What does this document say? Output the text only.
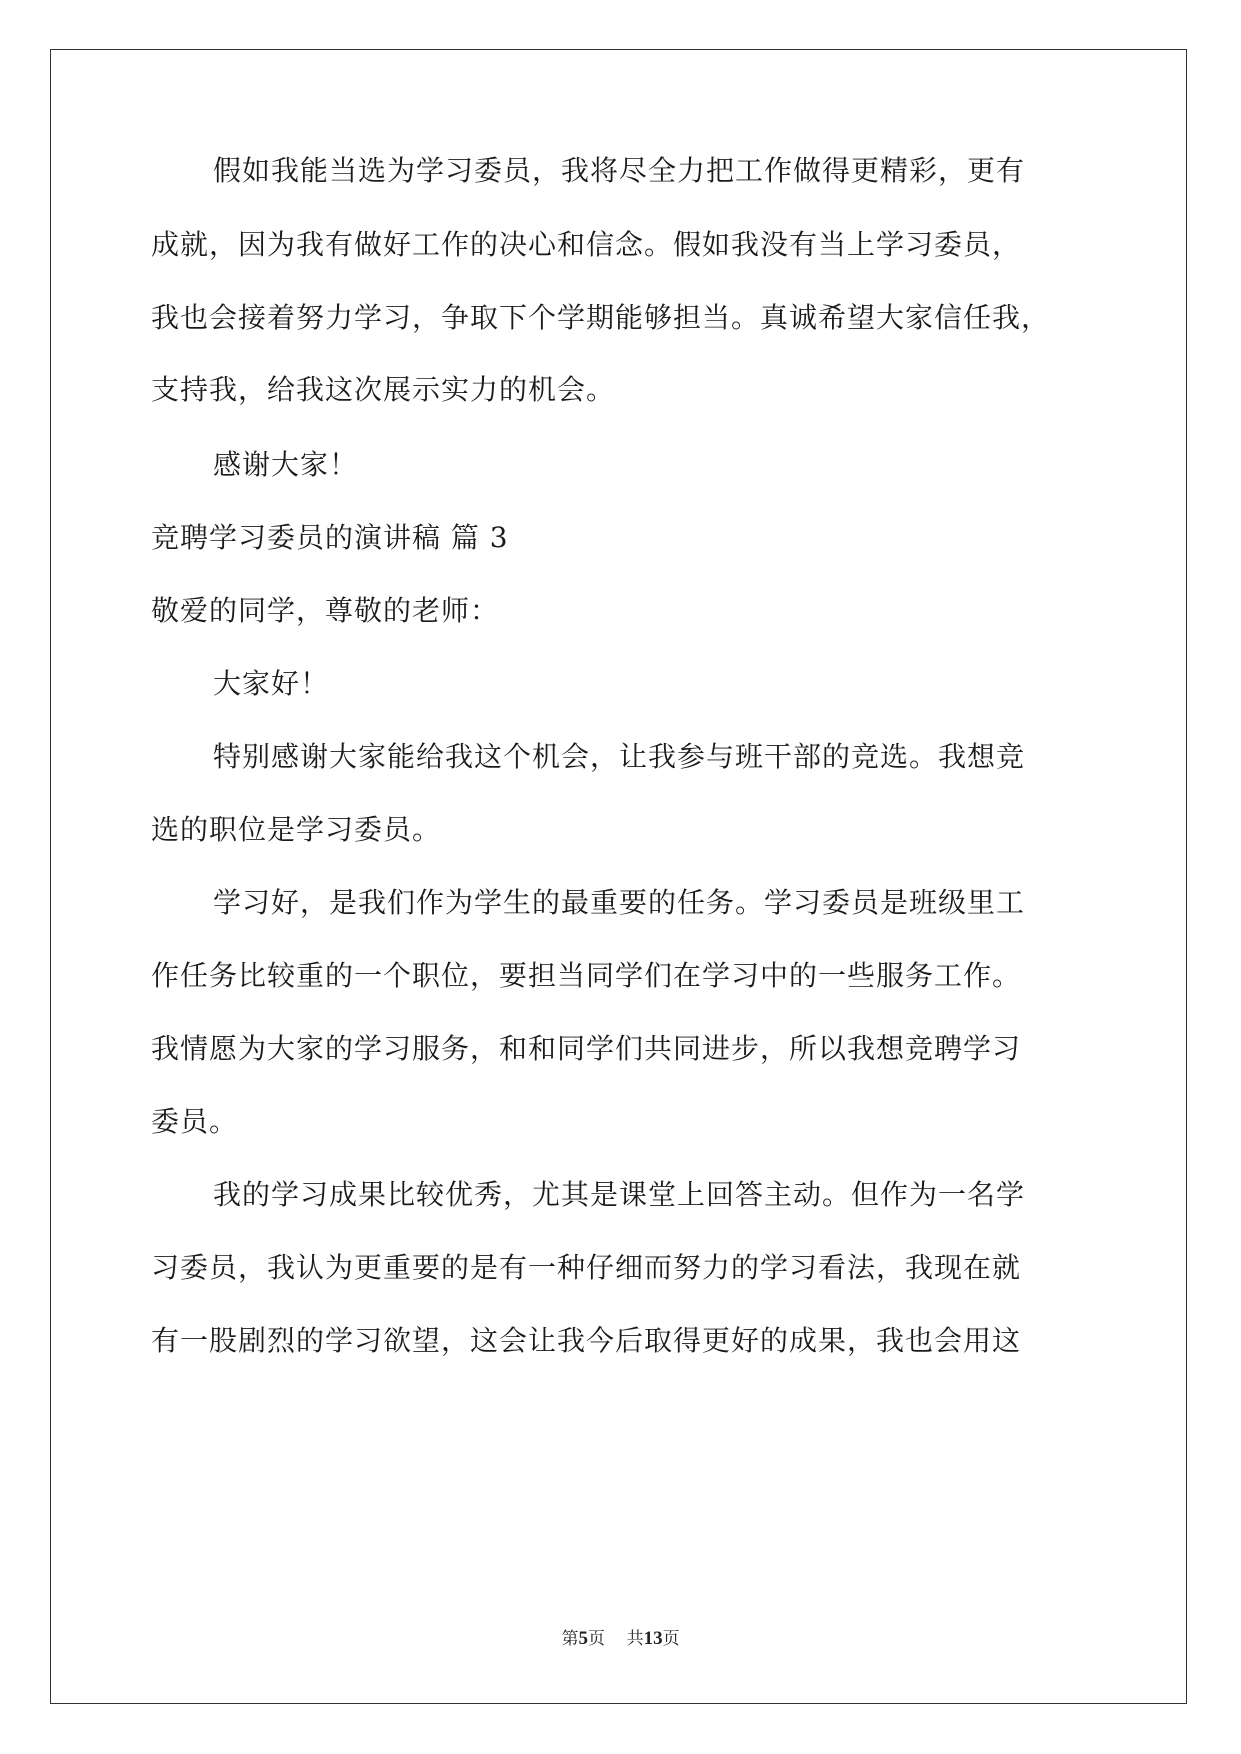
假如我能当选为学习委员，我将尽全力把工作做得更精彩，更有
成就，因为我有做好工作的决心和信念。假如我没有当上学习委员，
我也会接着努力学习，争取下个学期能够担当。真诚希望大家信任我，
支持我，给我这次展示实力的机会。
感谢大家！
竞聘学习委员的演讲稿 篇 3
敬爱的同学，尊敬的老师：
大家好！
特别感谢大家能给我这个机会，让我参与班干部的竞选。我想竞
选的职位是学习委员。
学习好，是我们作为学生的最重要的任务。学习委员是班级里工
作任务比较重的一个职位，要担当同学们在学习中的一些服务工作。
我情愿为大家的学习服务，和和同学们共同进步，所以我想竞聘学习
委员。
我的学习成果比较优秀，尤其是课堂上回答主动。但作为一名学
习委员，我认为更重要的是有一种仔细而努力的学习看法，我现在就
有一股剧烈的学习欲望，这会让我今后取得更好的成果，我也会用这
第5页 共13页
